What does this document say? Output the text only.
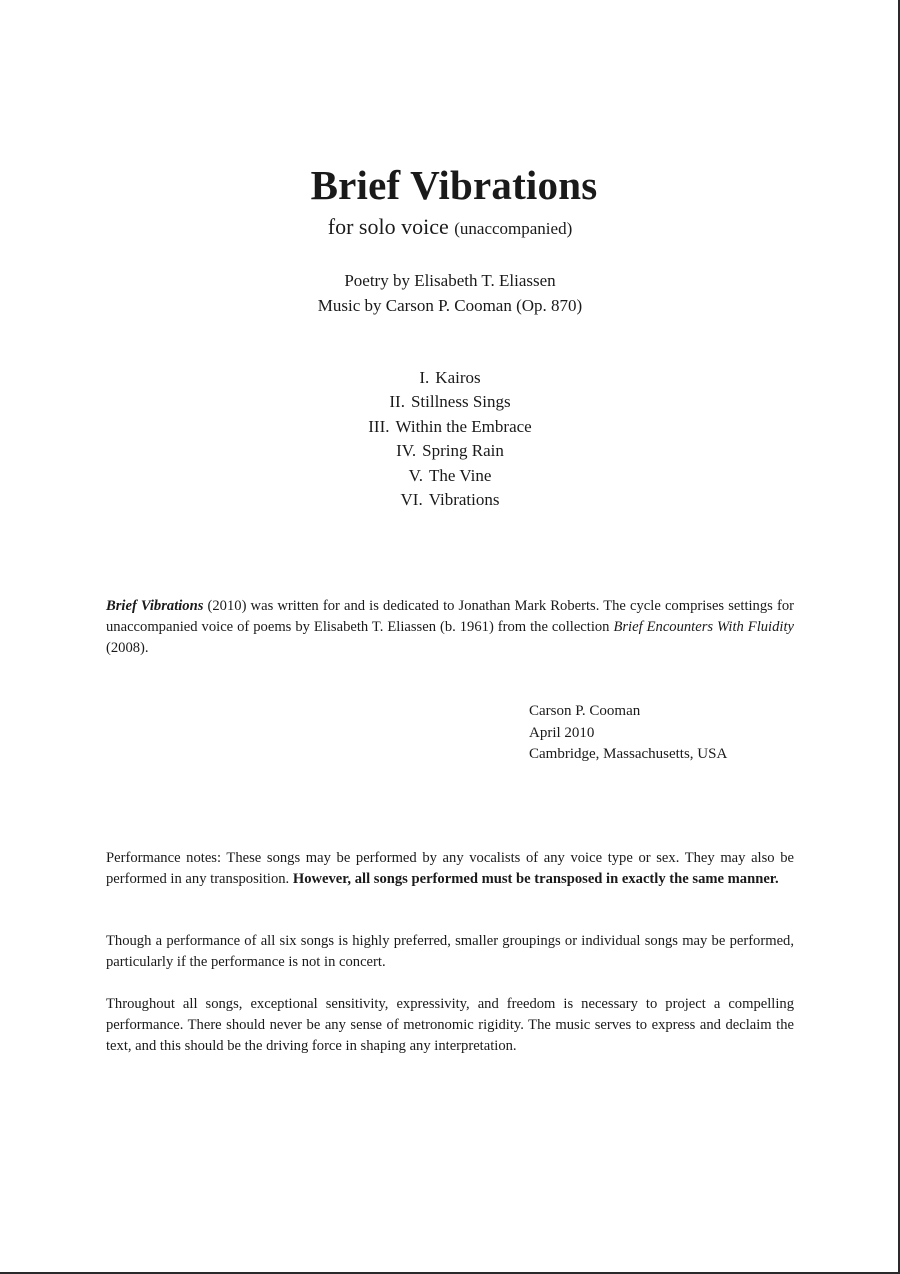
Brief Vibrations
for solo voice (unaccompanied)
Poetry by Elisabeth T. Eliassen
Music by Carson P. Cooman (Op. 870)
I. Kairos
II. Stillness Sings
III. Within the Embrace
IV. Spring Rain
V. The Vine
VI. Vibrations

Brief Vibrations (2010) was written for and is dedicated to Jonathan Mark Roberts. The cycle comprises settings for unaccompanied voice of poems by Elisabeth T. Eliassen (b. 1961) from the collection Brief Encounters With Fluidity (2008).

Carson P. Cooman
April 2010
Cambridge, Massachusetts, USA

Performance notes: These songs may be performed by any vocalists of any voice type or sex. They may also be performed in any transposition. However, all songs performed must be transposed in exactly the same manner.

Though a performance of all six songs is highly preferred, smaller groupings or individual songs may be performed, particularly if the performance is not in concert.

Throughout all songs, exceptional sensitivity, expressivity, and freedom is necessary to project a compelling performance. There should never be any sense of metronomic rigidity. The music serves to express and declaim the text, and this should be the driving force in shaping any interpretation.
